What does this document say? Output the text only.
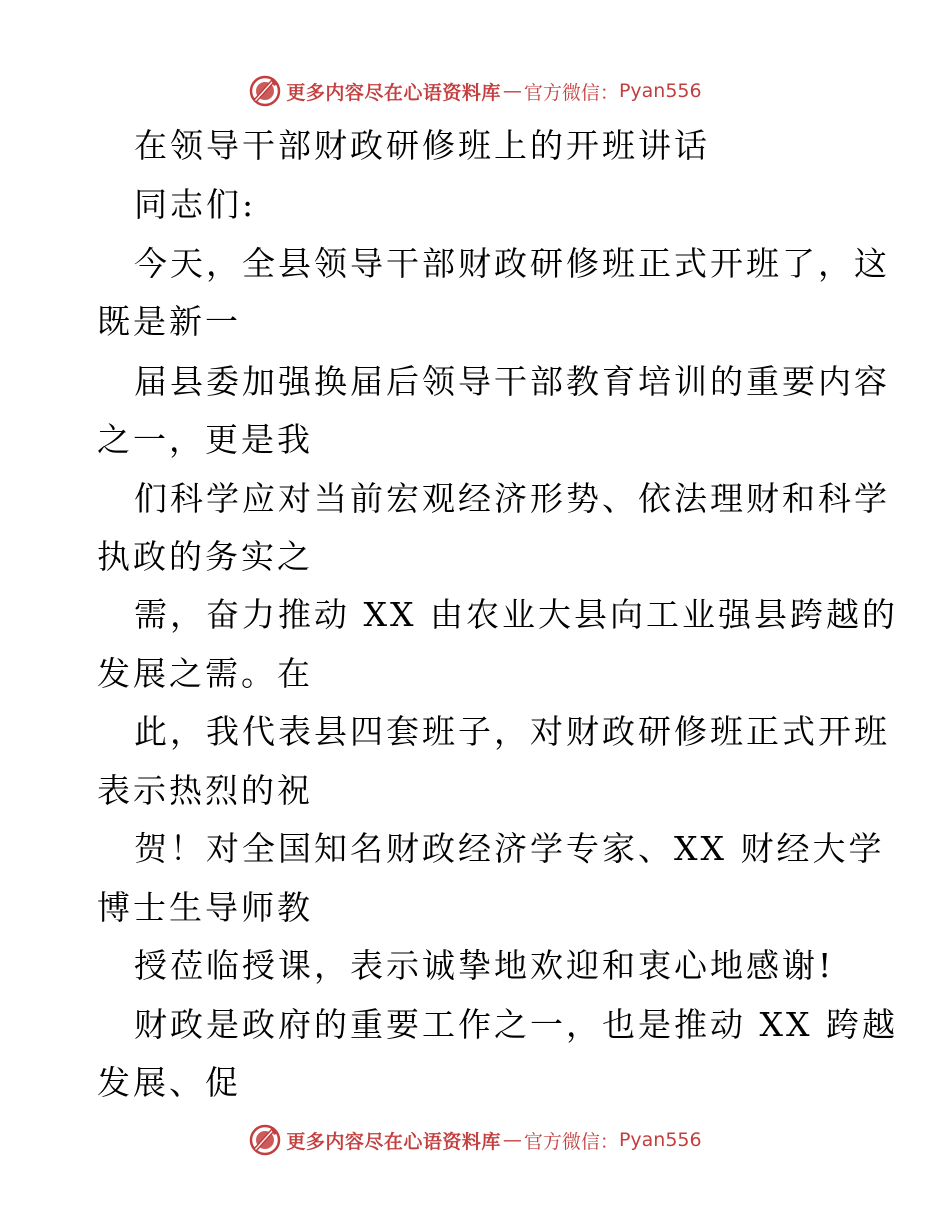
更多内容尽在心语资料库 — 官方微信： Pyan556
在领导干部财政研修班上的开班讲话
同志们:
今天，全县领导干部财政研修班正式开班了，这
既是新一
届县委加强换届后领导干部教育培训的重要内容
之一，更是我
们科学应对当前宏观经济形势、依法理财和科学
执政的务实之
需，奋力推动 XX 由农业大县向工业强县跨越的
发展之需。在
此，我代表县四套班子，对财政研修班正式开班
表示热烈的祝
贺！对全国知名财政经济学专家、XX 财经大学
博士生导师教
授莅临授课，表示诚挚地欢迎和衷心地感谢!
财政是政府的重要工作之一，也是推动 XX 跨越
发展、促
更多内容尽在心语资料库 — 官方微信： Pyan556
